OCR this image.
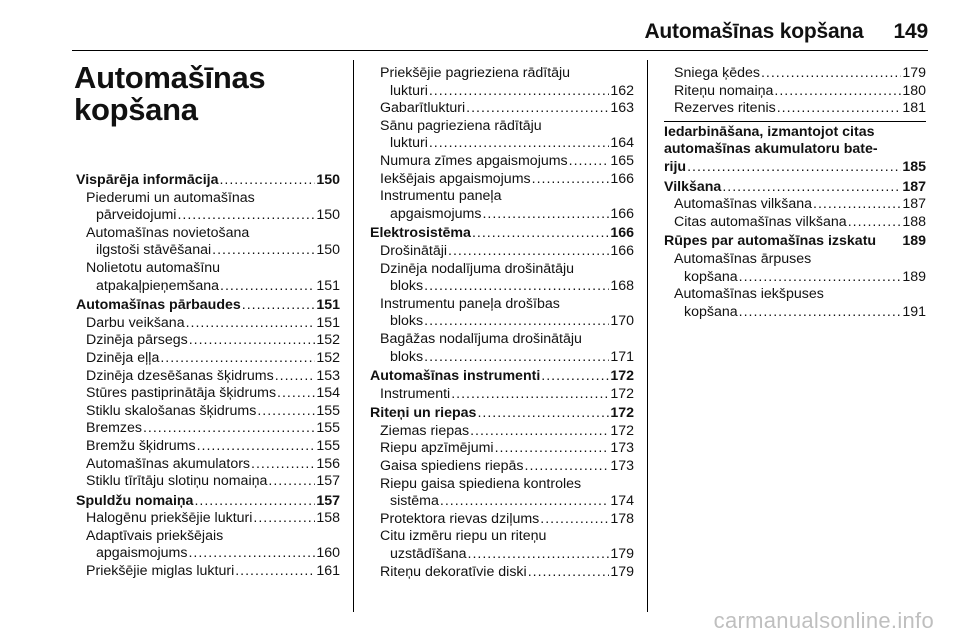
Automašīnas kopšana 149
Automašīnas kopšana
Vispārēja informācija .....	150
Piederumi un automašīnas
pārveidojumi .....	150
Automašīnas novietošana
ilgstoši stāvēšanai .....	150
Nolietotu automašīnu
atpakaļpieņemšana .....	151
Automašīnas pārbaudes .....	151
Darbu veikšana .....	151
Dzinēja pārsegs .....	152
Dzinēja eļļa .....	152
Dzinēja dzesēšanas šķidrums .....	153
Stūres pastiprinātāja šķidrums .....	154
Stiklu skalošanas šķidrums .....	155
Bremzes .....	155
Bremžu šķidrums .....	155
Automašīnas akumulators .....	156
Stiklu tīrītāju slotiņu nomaiņa .....	157
Spuldžu nomaiņa .....	157
Halogēnu priekšējie lukturi .....	158
Adaptīvais priekšējais
apgaismojums .....	160
Priekšējie miglas lukturi .....	161
Priekšējie pagrieziena rādītāju
lukturi .....	162
Gabarītlukturi .....	163
Sānu pagrieziena rādītāju
lukturi .....	164
Numura zīmes apgaismojums .....	165
Iekšējais apgaismojums .....	166
Instrumentu paneļa
apgaismojums .....	166
Elektrosistēma .....	166
Drošinātāji .....	166
Dzinēja nodalījuma drošinātāju
bloks .....	168
Instrumentu paneļa drošības
bloks .....	170
Bagāžas nodalījuma drošinātāju
bloks .....	171
Automašīnas instrumenti .....	172
Instrumenti .....	172
Riteņi un riepas .....	172
Ziemas riepas .....	172
Riepu apzīmējumi .....	173
Gaisa spiediens riepās .....	173
Riepu gaisa spiediena kontroles
sistēma .....	174
Protektora rievas dziļums .....	178
Citu izmēru riepu un riteņu
uzstādīšana .....	179
Riteņu dekoratīvie diski .....	179
Sniega ķēdes .....	179
Riteņu nomaiņa .....	180
Rezerves ritenis .....	181
Iedarbināšana, izmantojot citas
automašīnas akumulatoru bate-
riju .....	185
Vilkšana .....	187
Automašīnas vilkšana .....	187
Citas automašīnas vilkšana .....	188
Rūpes par automašīnas izskatu 189
Automašīnas ārpuses
kopšana .....	189
Automašīnas iekšpuses
kopšana .....	191
carmanualsonline.info
